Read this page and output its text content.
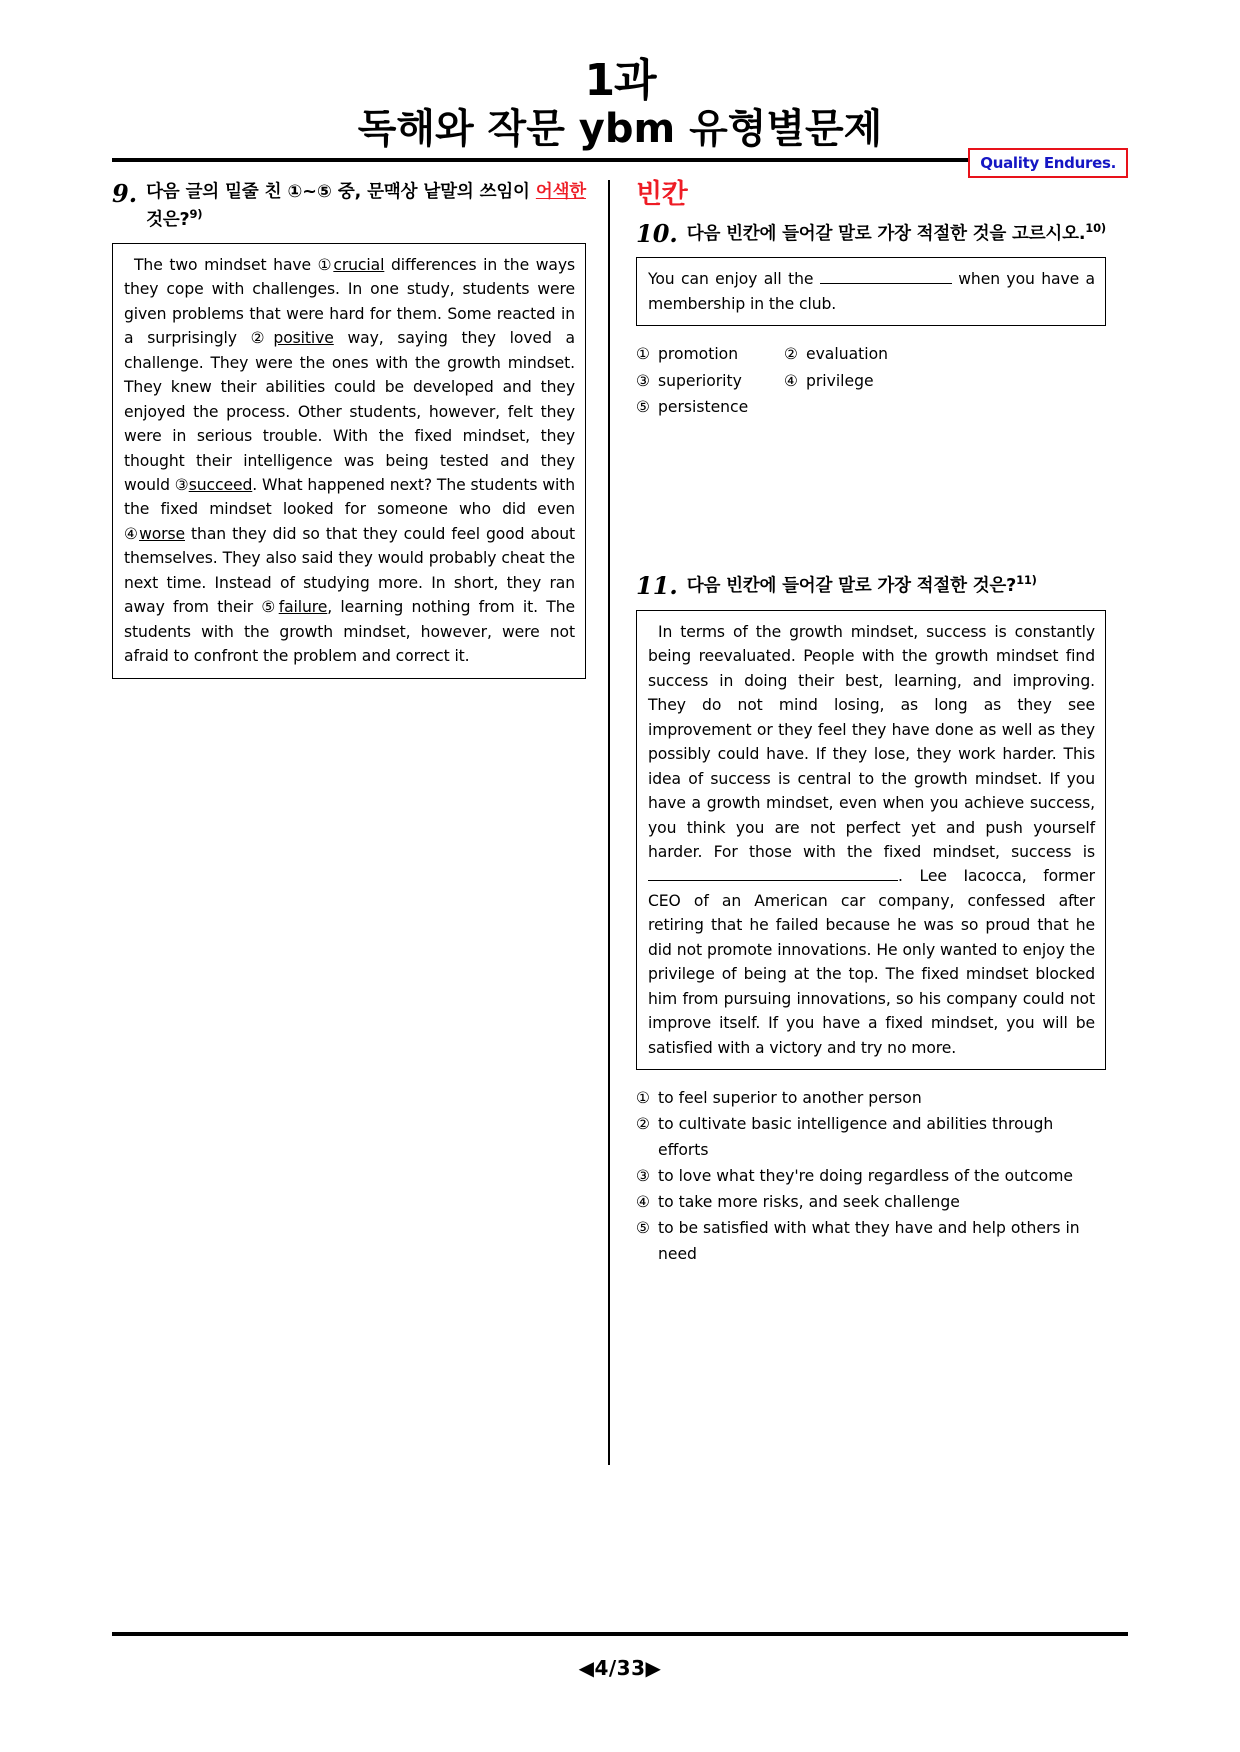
1과
독해와 작문 ybm 유형별문제
Quality Endures.
9. 다음 글의 밑줄 친 ①~⑤ 중, 문맥상 낱말의 쓰임이 어색한 것은?$^{9)}$

The two mindset have ①crucial differences in the ways they cope with challenges. In one study, students were given problems that were hard for them. Some reacted in a surprisingly ②positive way, saying they loved a challenge. They were the ones with the growth mindset. They knew their abilities could be developed and they enjoyed the process. Other students, however, felt they were in serious trouble. With the fixed mindset, they thought their intelligence was being tested and they would ③succeed. What happened next? The students with the fixed mindset looked for someone who did even ④worse than they did so that they could feel good about themselves. They also said they would probably cheat the next time. Instead of studying more. In short, they ran away from their ⑤failure, learning nothing from it. The students with the growth mindset, however, were not afraid to confront the problem and correct it.

빈칸
10. 다음 빈칸에 들어갈 말로 가장 적절한 것을 고르시오.$^{10)}$

You can enjoy all the	when you have a membership in the club.

① promotion	② evaluation
③ superiority	④ privilege
⑤ persistence
11. 다음 빈칸에 들어갈 말로 가장 적절한 것은?$^{11)}$

In terms of the growth mindset, success is constantly being reevaluated. People with the growth mindset find success in doing their best, learning, and improving. They do not mind losing, as long as they see improvement or they feel they have done as well as they possibly could have. If they lose, they work harder. This idea of success is central to the growth mindset. If you have a growth mindset, even when you achieve success, you think you are not perfect yet and push yourself harder. For those with the fixed mindset, success is . Lee Iacocca, former CEO of an American car company, confessed after retiring that he failed because he was so proud that he did not promote innovations. He only wanted to enjoy the privilege of being at the top. The fixed mindset blocked him from pursuing innovations, so his company could not improve itself. If you have a fixed mindset, you will be satisfied with a victory and try no more.

① to feel superior to another person
② to cultivate basic intelligence and abilities through efforts
③ to love what they're doing regardless of the outcome
④ to take more risks, and seek challenge
⑤ to be satisfied with what they have and help others in need
◀4/33▶
